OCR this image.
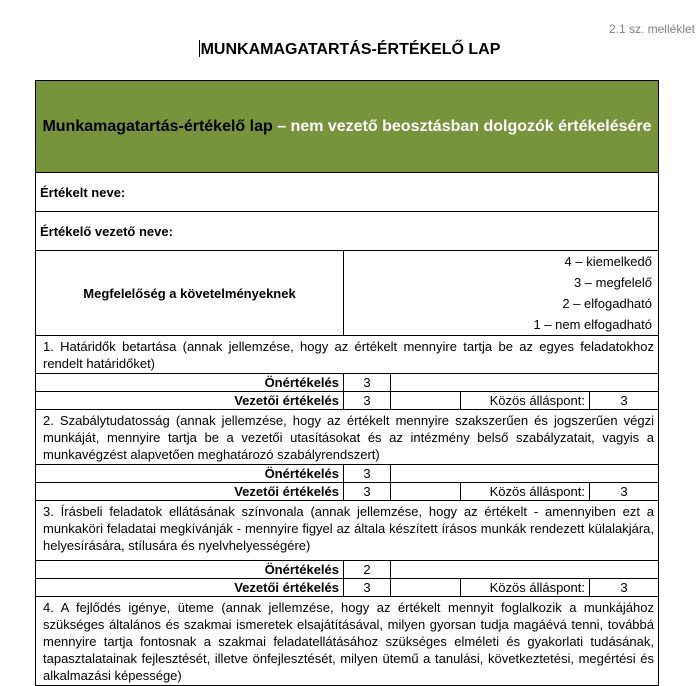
2.1 sz. melléklet
MUNKAMAGATARTÁS-ÉRTÉKELŐ LAP
Munkamagatartás-értékelő lap – nem vezető beosztásban dolgozók értékelésére				
Értékelt neve:				
Értékelő vezető neve:				
Megfelelőség a követelményeknek	4 – kiemelkedő
3 – megfelelő
2 – elfogadható
1 – nem elfogadható			

1. Határidők betartása (annak jellemzése, hogy az értékelt mennyire tartja be az egyes feladatokhoz rendelt határidőket)				
Önértékelés	3			
Vezetői értékelés	3		Közös álláspont:	3
2. Szabálytudatosság (annak jellemzése, hogy az értékelt mennyire szakszerűen és jogszerűen végzi munkáját, mennyire tartja be a vezetői utasításokat és az intézmény belső szabályzatait, vagyis a munkavégzést alapvetően meghatározó szabályrendszert)				
Önértékelés	3			
Vezetői értékelés	3		Közös álláspont:	3
3. Írásbeli feladatok ellátásának színvonala (annak jellemzése, hogy az értékelt - amennyiben ezt a munkaköri feladatai megkívánják - mennyire figyel az általa készített írásos munkák rendezett külalakjára, helyesírására, stílusára és nyelvhelyességére)				
Önértékelés	2			
Vezetői értékelés	3		Közös álláspont:	3
4. A fejlődés igénye, üteme (annak jellemzése, hogy az értékelt mennyit foglalkozik a munkájához szükséges általános és szakmai ismeretek elsajátításával, milyen gyorsan tudja magáévá tenni, továbbá mennyire tartja fontosnak a szakmai feladatellátásához szükséges elméleti és gyakorlati tudásának, tapasztalatainak fejlesztését, illetve önfejlesztését, milyen ütemű a tanulási, következtetési, megértési és alkalmazási képessége)				
